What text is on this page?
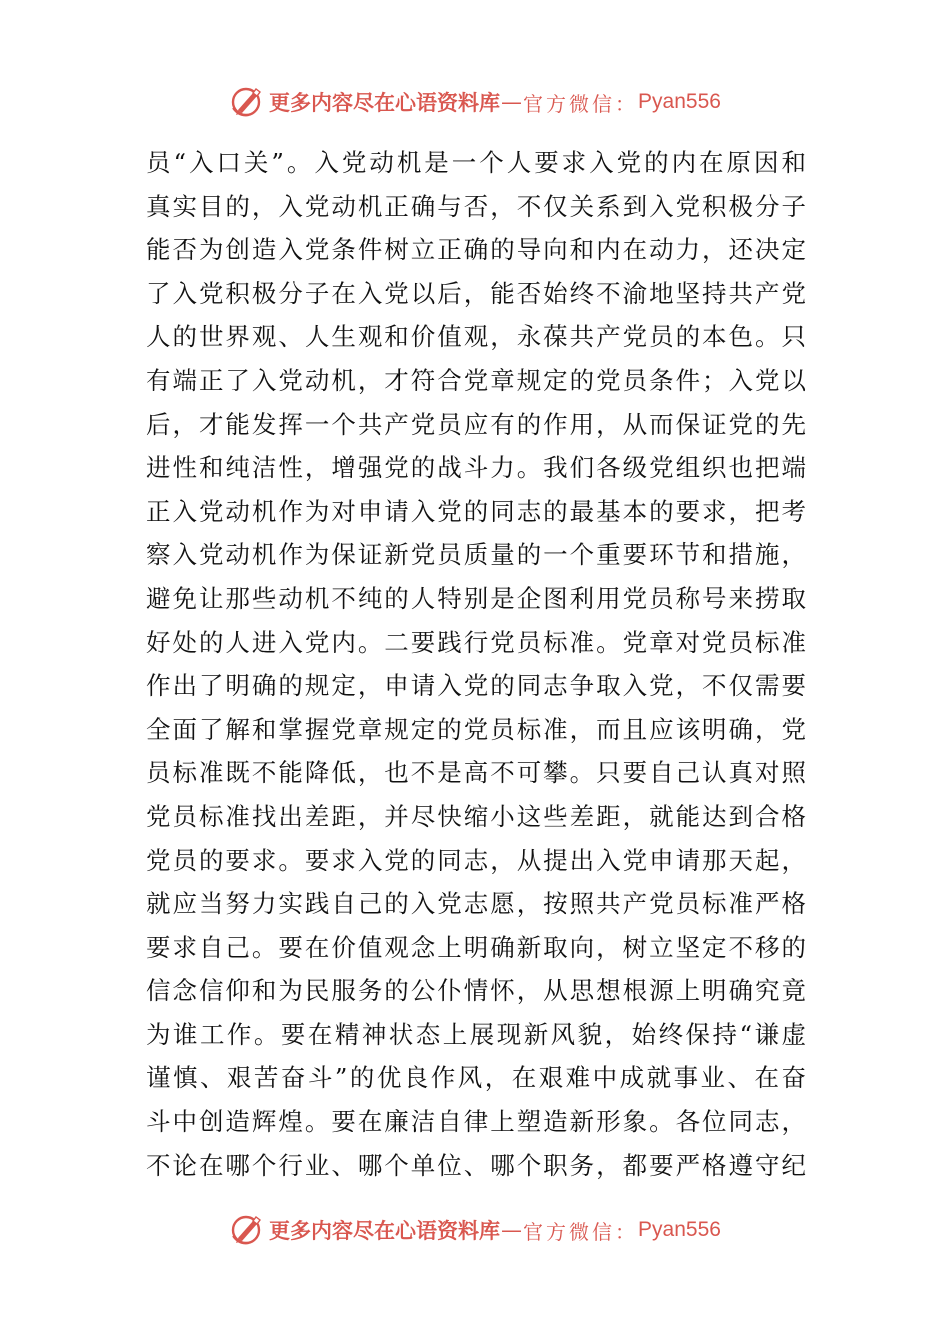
更多内容尽在心语资料库 — 官方微信： Pyan556
员“入口关”。入党动机是一个人要求入党的内在原因和
真实目的，入党动机正确与否，不仅关系到入党积极分子
能否为创造入党条件树立正确的导向和内在动力，还决定
了入党积极分子在入党以后，能否始终不渝地坚持共产党
人的世界观、人生观和价值观，永葆共产党员的本色。只
有端正了入党动机，才符合党章规定的党员条件；入党以
后，才能发挥一个共产党员应有的作用，从而保证党的先
进性和纯洁性，增强党的战斗力。我们各级党组织也把端
正入党动机作为对申请入党的同志的最基本的要求，把考
察入党动机作为保证新党员质量的一个重要环节和措施，
避免让那些动机不纯的人特别是企图利用党员称号来捞取
好处的人进入党内。二要践行党员标准。党章对党员标准
作出了明确的规定，申请入党的同志争取入党，不仅需要
全面了解和掌握党章规定的党员标准，而且应该明确，党
员标准既不能降低，也不是高不可攀。只要自己认真对照
党员标准找出差距，并尽快缩小这些差距，就能达到合格
党员的要求。要求入党的同志，从提出入党申请那天起，
就应当努力实践自己的入党志愿，按照共产党员标准严格
要求自己。要在价值观念上明确新取向，树立坚定不移的
信念信仰和为民服务的公仆情怀，从思想根源上明确究竟
为谁工作。要在精神状态上展现新风貌，始终保持“谦虚
谨慎、艰苦奋斗”的优良作风，在艰难中成就事业、在奋
斗中创造辉煌。要在廉洁自律上塑造新形象。各位同志，
不论在哪个行业、哪个单位、哪个职务，都要严格遵守纪
更多内容尽在心语资料库 — 官方微信： Pyan556
